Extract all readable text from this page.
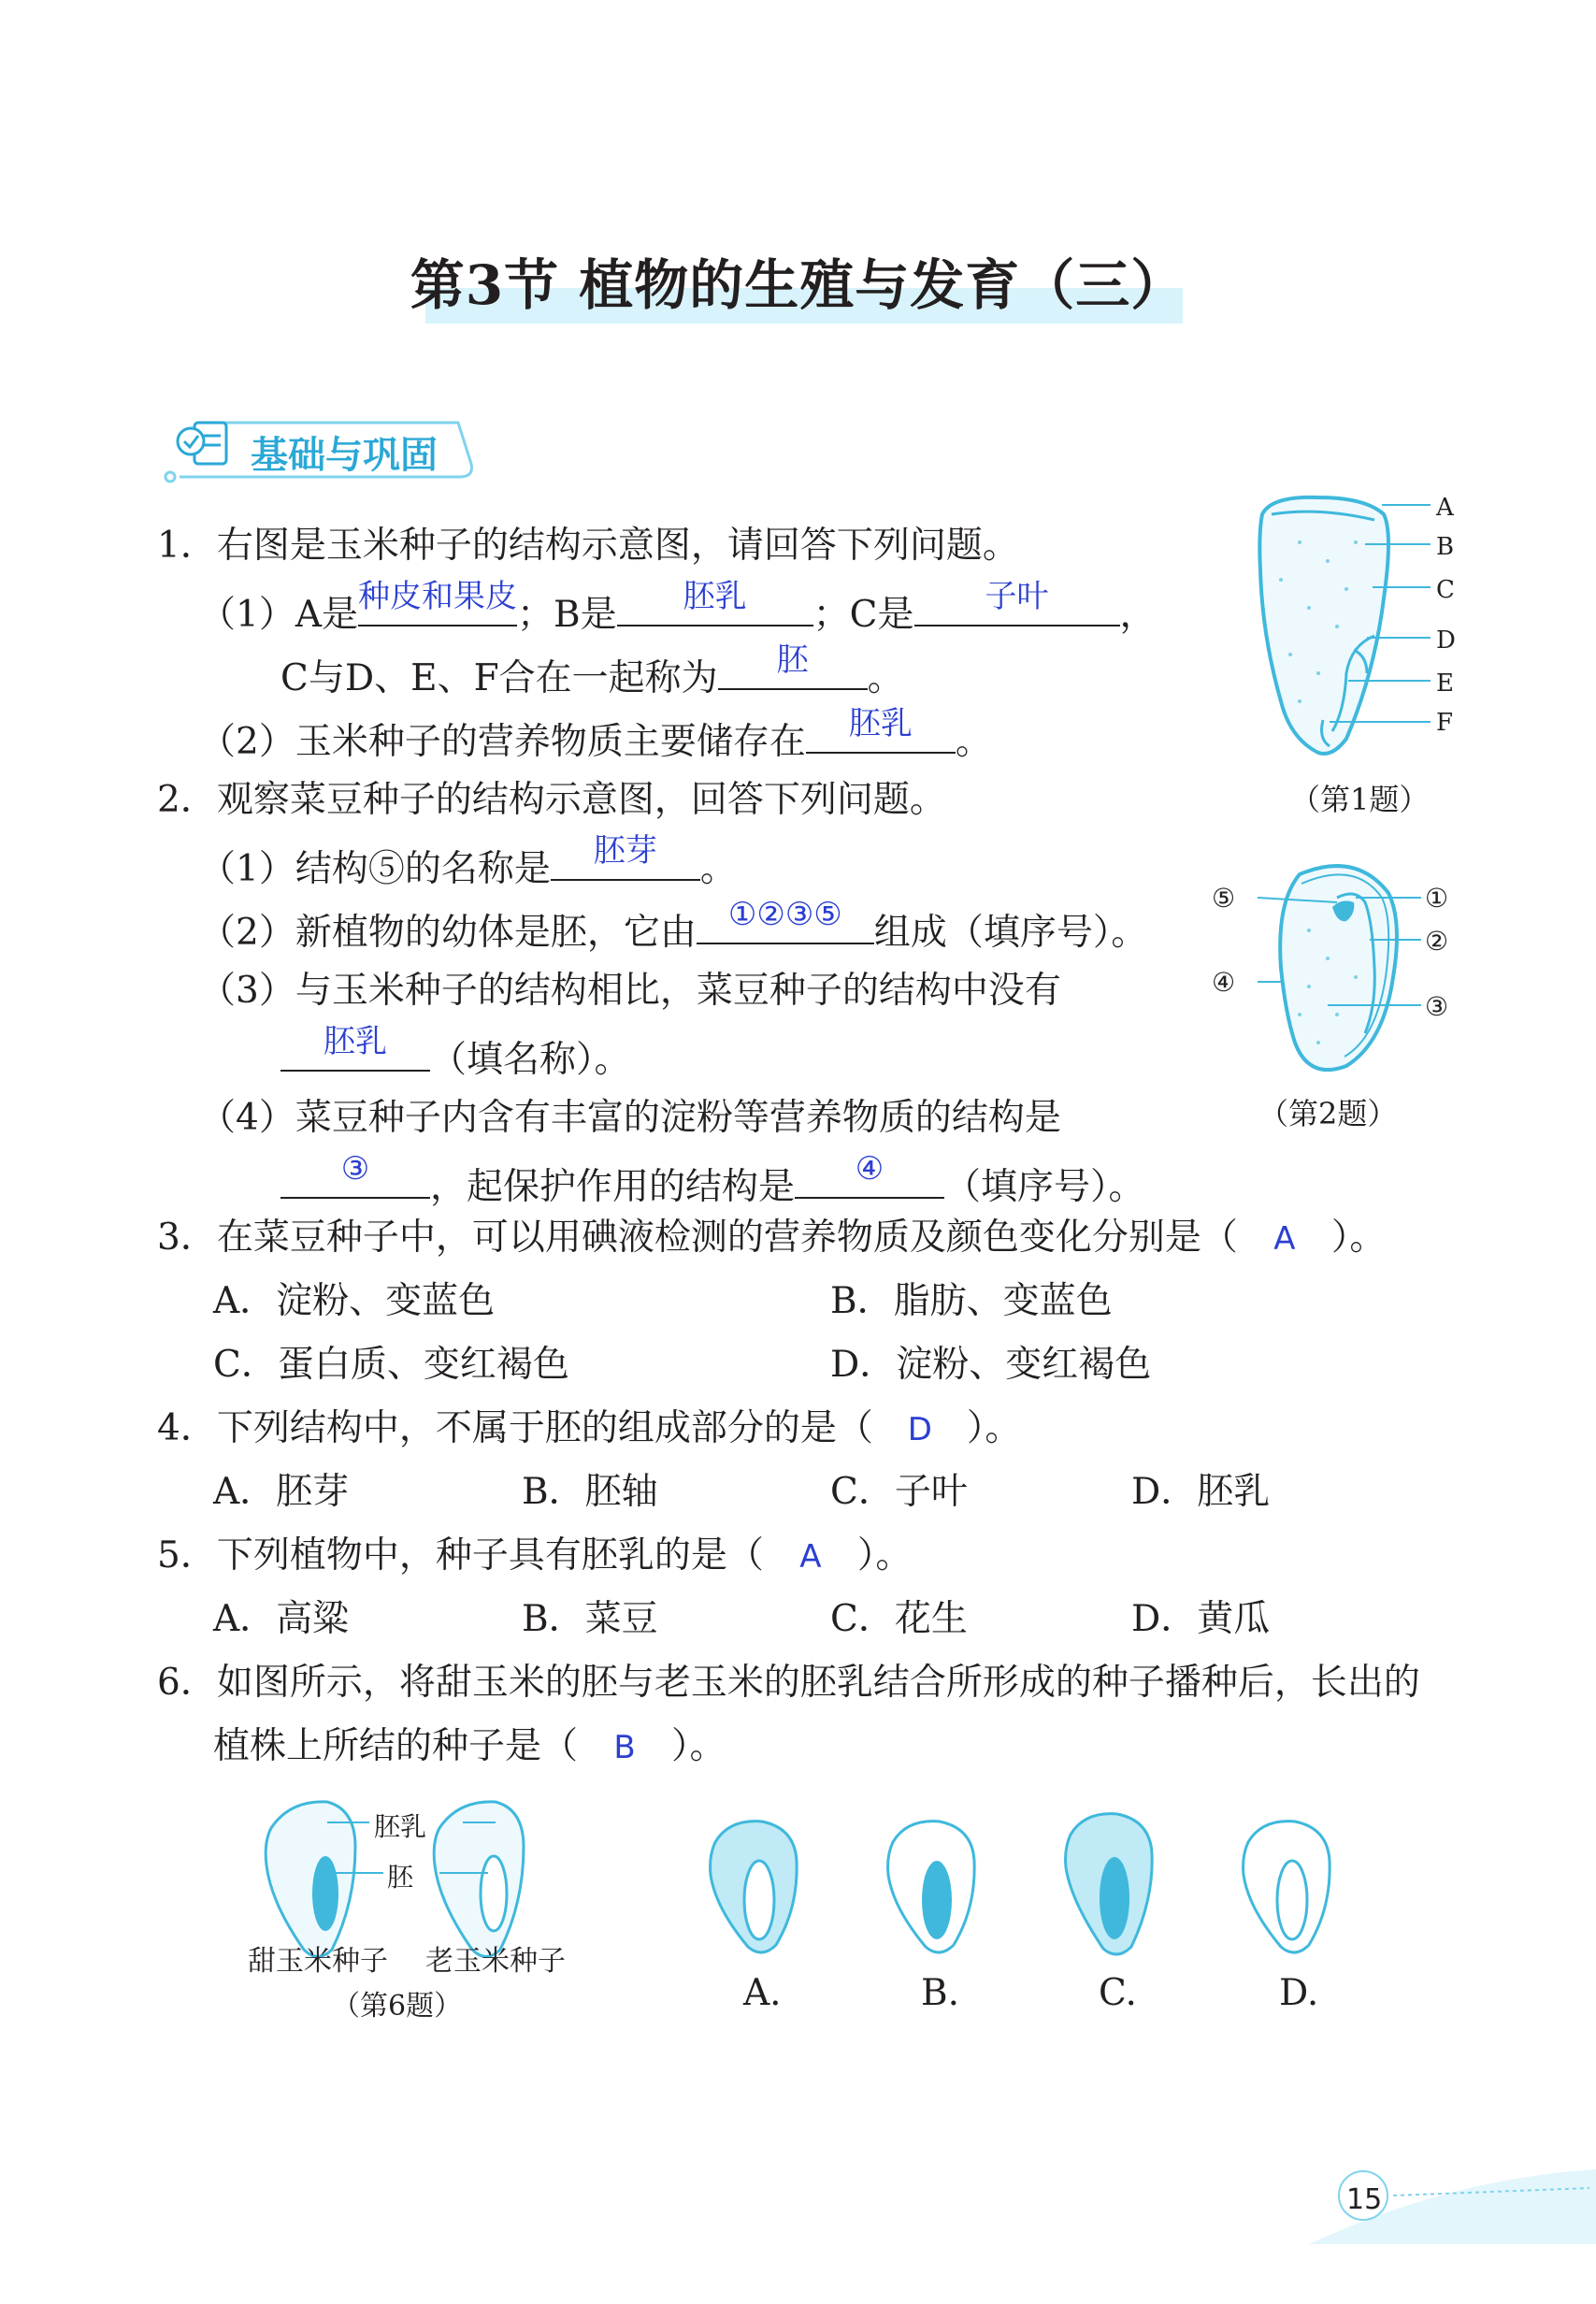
第3节 植物的生殖与发育（三）
基础与巩固
1．右图是玉米种子的结构示意图，请回答下列问题。
（1）A是 种皮和果皮 ；B是	胚乳	；C是	子叶	，
C与D、E、F合在一起称为	胚	。
（2）玉米种子的营养物质主要储存在	胚乳	。
A
B
C
D
E
F
（第1题）
2．观察菜豆种子的结构示意图，回答下列问题。
（1）结构⑤的名称是	胚芽	。
（2）新植物的幼体是胚，它由	①②③⑤ 组成（填序号）。
（3）与玉米种子的结构相比，菜豆种子的结构中没有
胚乳	（填名称）。
（4）菜豆种子内含有丰富的淀粉等营养物质的结构是
③	，起保护作用的结构是	④	（填序号）。
⑤	①
②
④
③
（第2题）
3．在菜豆种子中，可以用碘液检测的营养物质及颜色变化分别是（ A ）。
A．淀粉、变蓝色	B．脂肪、变蓝色
C．蛋白质、变红褐色	D．淀粉、变红褐色
4．下列结构中，不属于胚的组成部分的是（ D ）。
A．胚芽	B．胚轴	C．子叶	D．胚乳
5．下列植物中，种子具有胚乳的是（ A ）。
A．高粱	B．菜豆	C．花生	D．黄瓜
6．如图所示，将甜玉米的胚与老玉米的胚乳结合所形成的种子播种后，长出的
植株上所结的种子是（ B ）。
胚乳
胚
甜玉米种子 老玉米种子
（第6题）	A.	B.	C.	D.
15
